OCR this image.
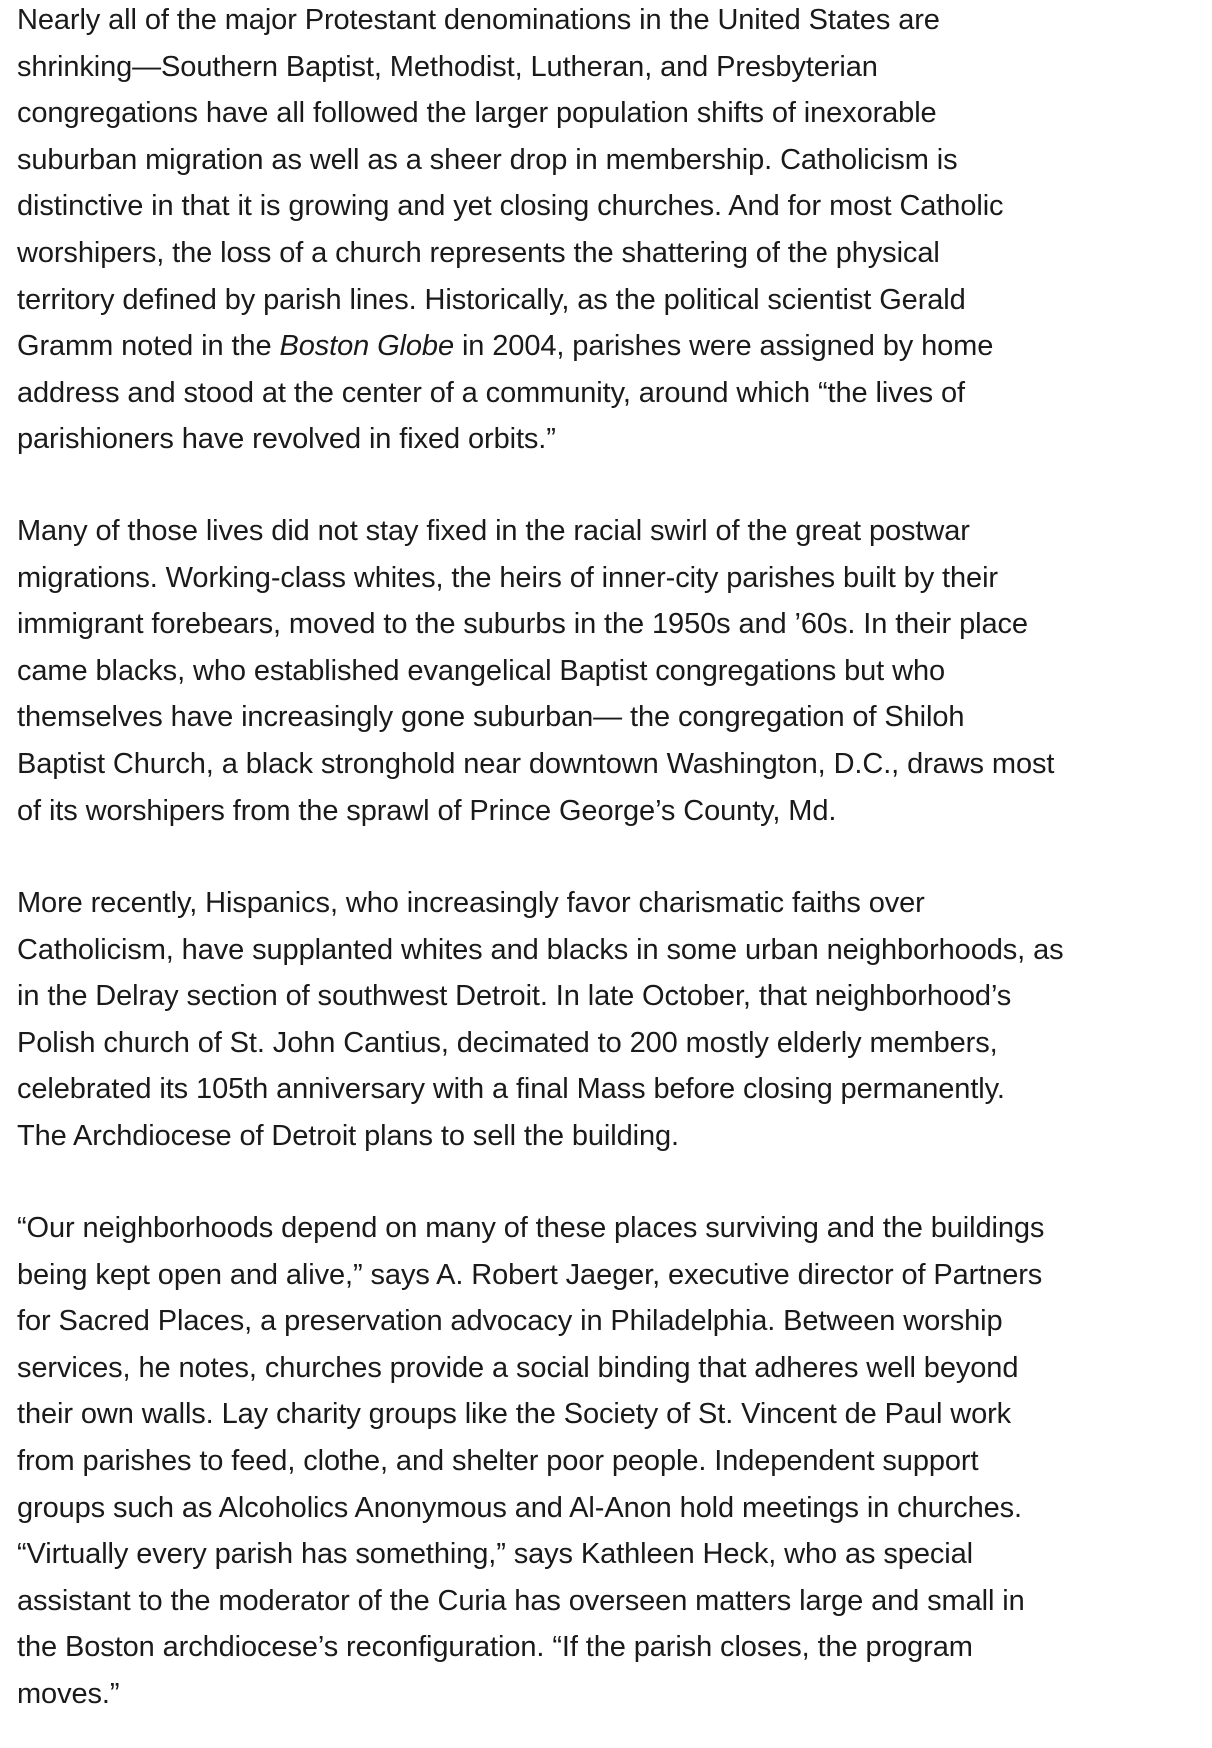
Nearly all of the major Protestant denominations in the United States are
shrinking—Southern Baptist, Methodist, Lutheran, and Presbyterian
congregations have all followed the larger population shifts of inexorable
suburban migration as well as a sheer drop in membership. Catholicism is
distinctive in that it is growing and yet closing churches. And for most Catholic
worshipers, the loss of a church represents the shattering of the physical
territory defined by parish lines. Historically, as the political scientist Gerald
Gramm noted in the Boston Globe in 2004, parishes were assigned by home
address and stood at the center of a community, around which “the lives of
parishioners have revolved in fixed orbits.”

Many of those lives did not stay fixed in the racial swirl of the great postwar
migrations. Working-class whites, the heirs of inner-city parishes built by their
immigrant forebears, moved to the suburbs in the 1950s and ’60s. In their place
came blacks, who established evangelical Baptist congregations but who
themselves have increasingly gone suburban— the congregation of Shiloh
Baptist Church, a black stronghold near downtown Washington, D.C., draws most
of its worshipers from the sprawl of Prince George’s County, Md.

More recently, Hispanics, who increasingly favor charismatic faiths over
Catholicism, have supplanted whites and blacks in some urban neighborhoods, as
in the Delray section of southwest Detroit. In late October, that neighborhood’s
Polish church of St. John Cantius, decimated to 200 mostly elderly members,
celebrated its 105th anniversary with a final Mass before closing permanently.
The Archdiocese of Detroit plans to sell the building.

“Our neighborhoods depend on many of these places surviving and the buildings
being kept open and alive,” says A. Robert Jaeger, executive director of Partners
for Sacred Places, a preservation advocacy in Philadelphia. Between worship
services, he notes, churches provide a social binding that adheres well beyond
their own walls. Lay charity groups like the Society of St. Vincent de Paul work
from parishes to feed, clothe, and shelter poor people. Independent support
groups such as Alcoholics Anonymous and Al-Anon hold meetings in churches.
“Virtually every parish has something,” says Kathleen Heck, who as special
assistant to the moderator of the Curia has overseen matters large and small in
the Boston archdiocese’s reconfiguration. “If the parish closes, the program
moves.”
